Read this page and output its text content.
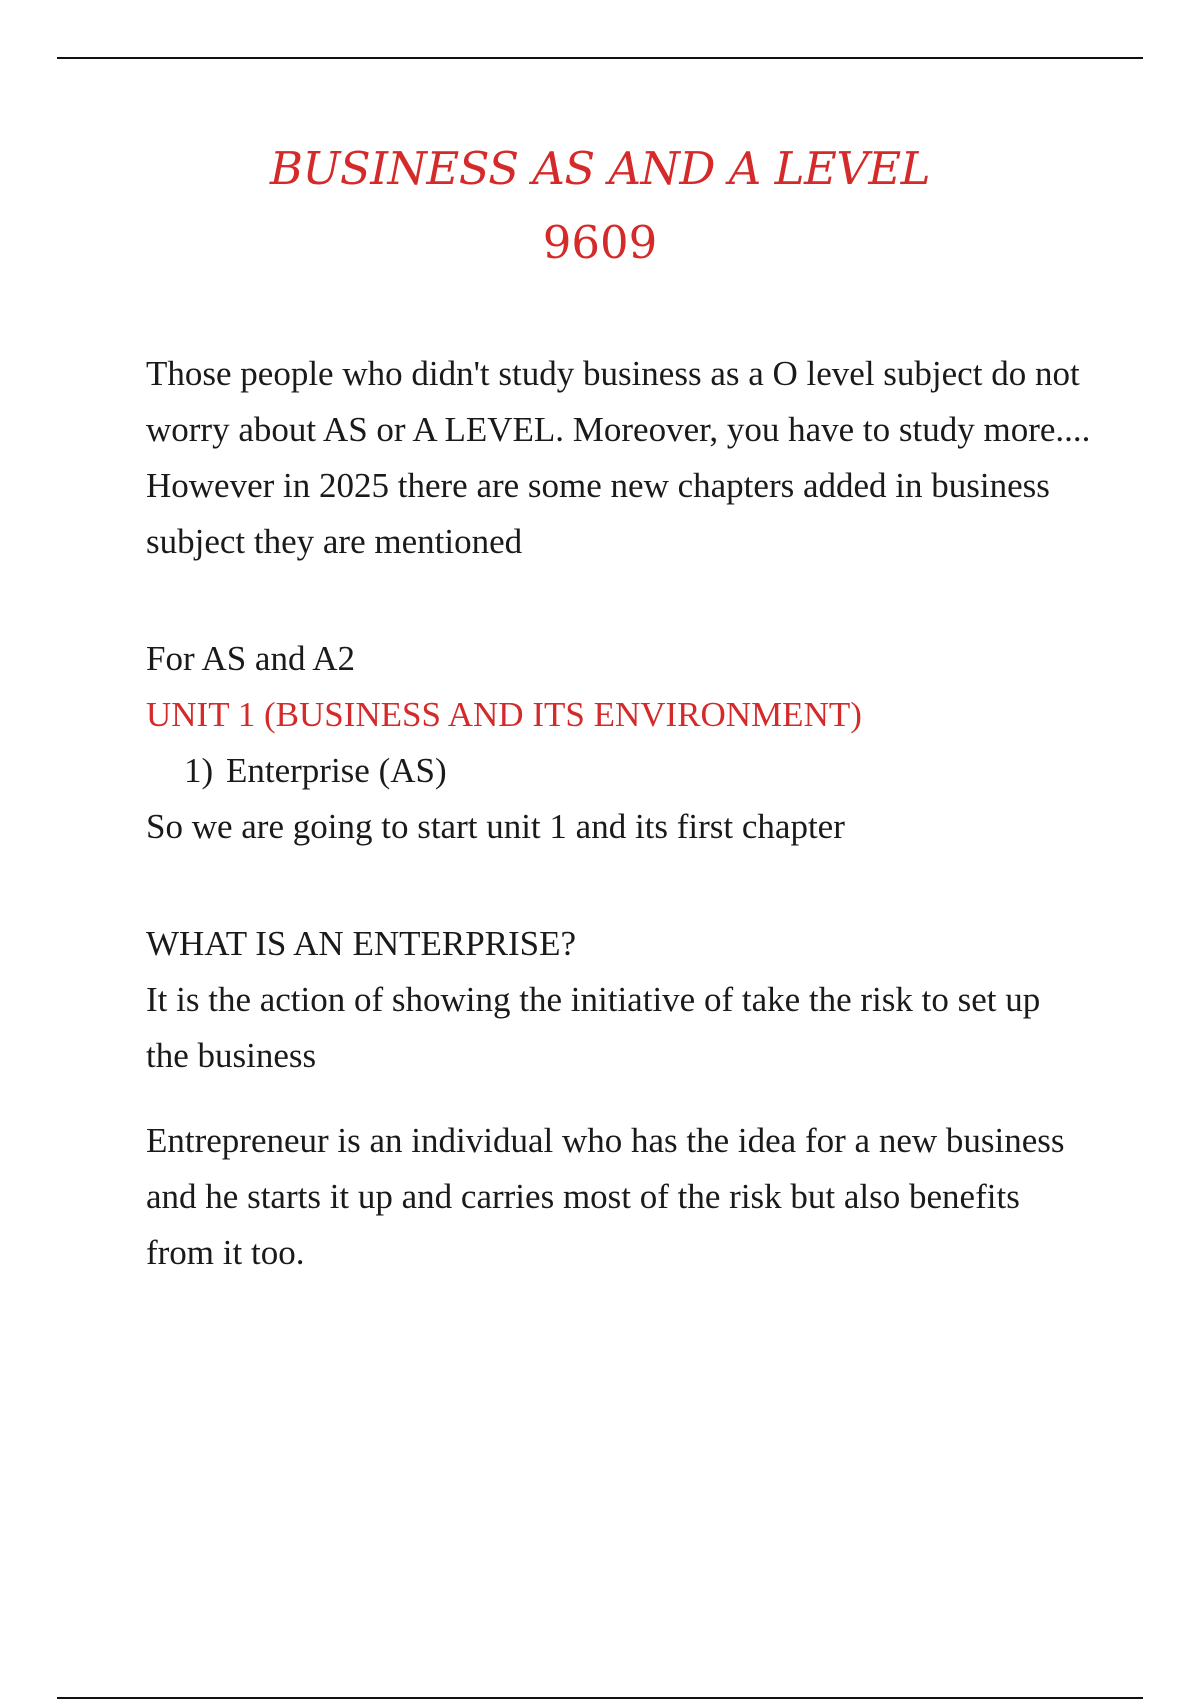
BUSINESS AS AND A LEVEL
9609

Those people who didn't study business as a O level subject do not worry about AS or A LEVEL. Moreover, you have to study more.... However in 2025 there are some new chapters added in business subject they are mentioned

For AS and A2

UNIT 1 (BUSINESS AND ITS ENVIRONMENT)

1) Enterprise (AS)

So we are going to start unit 1 and its first chapter

WHAT IS AN ENTERPRISE?

It is the action of showing the initiative of take the risk to set up the business

Entrepreneur is an individual who has the idea for a new business and he starts it up and carries most of the risk but also benefits from it too.
